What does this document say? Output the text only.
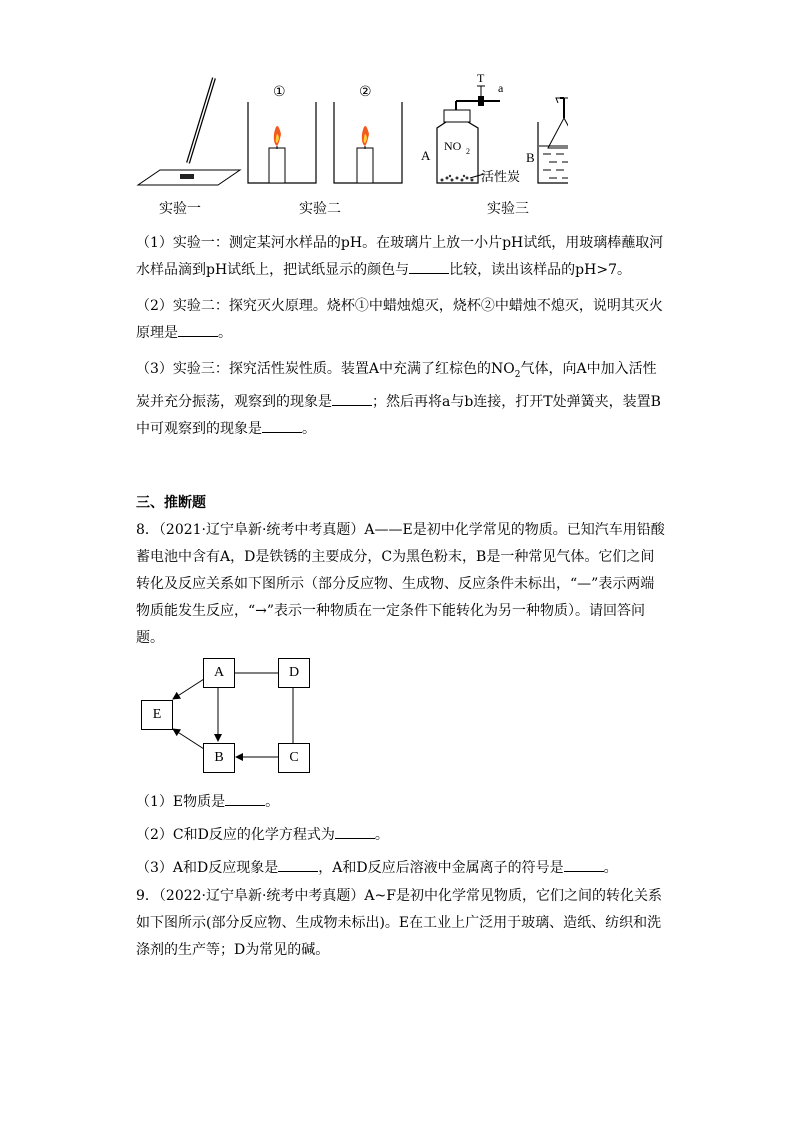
T
a
NO 2
A	B
①	②
活性炭
实验一	实验二	实验三
（1）实验一：测定某河水样品的pH。在玻璃片上放一小片pH试纸，用玻璃棒蘸取河水样品滴到pH试纸上，把试纸显示的颜色与	比较，读出该样品的pH>7。
（2）实验二：探究灭火原理。烧杯①中蜡烛熄灭，烧杯②中蜡烛不熄灭，说明其灭火原理是	。
（3）实验三：探究活性炭性质。装置A中充满了红棕色的$NO_2$气体，向A中加入活性炭并充分振荡，观察到的现象是	；然后再将a与b连接，打开T处弹簧夹，装置B中可观察到的现象是	。
三、推断题
8．（2021·辽宁阜新·统考中考真题）A——E是初中化学常见的物质。已知汽车用铅酸蓄电池中含有A，D是铁锈的主要成分，C为黑色粉末，B是一种常见气体。它们之间转化及反应关系如下图所示（部分反应物、生成物、反应条件未标出，“—”表示两端物质能发生反应，“→”表示一种物质在一定条件下能转化为另一种物质）。请回答问题。
A	D
E
B	C
（1）E物质是	。
（2）C和D反应的化学方程式为	。
（3）A和D反应现象是	，A和D反应后溶液中金属离子的符号是	。
9．（2022·辽宁阜新·统考中考真题）A~F是初中化学常见物质，它们之间的转化关系如下图所示(部分反应物、生成物未标出)。E在工业上广泛用于玻璃、造纸、纺织和洗涤剂的生产等；D为常见的碱。
